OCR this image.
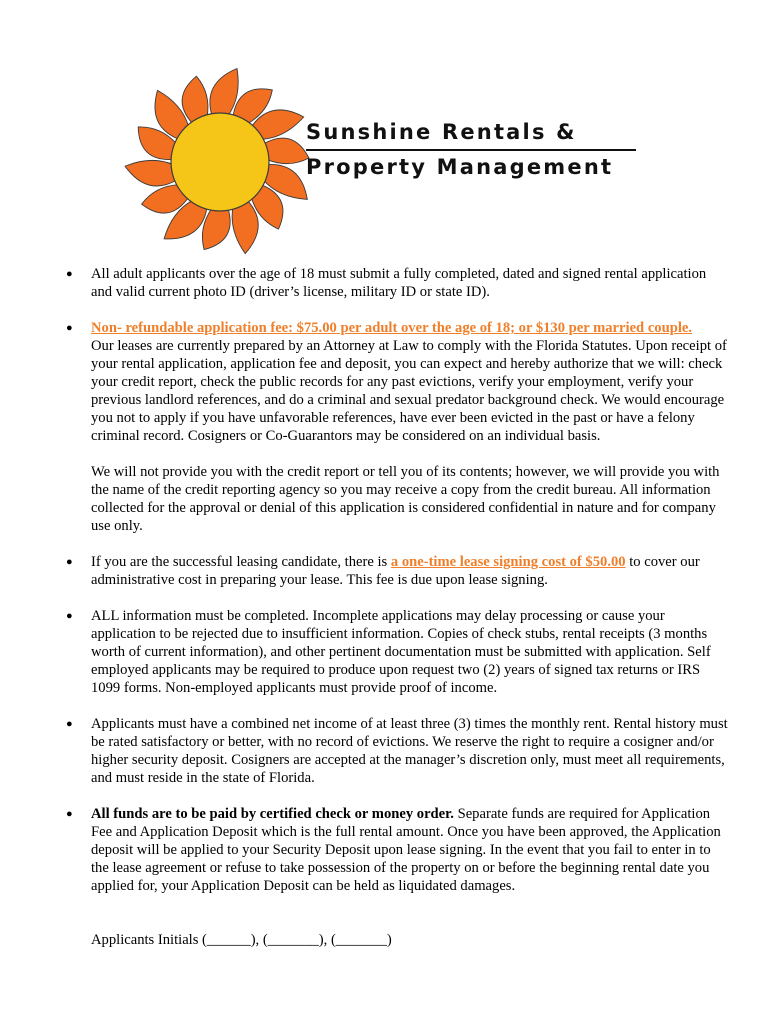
Sunshine Rentals &
Property Management
● All adult applicants over the age of 18 must submit a fully completed, dated and signed rental application and valid current photo ID (driver’s license, military ID or state ID).

● Non- refundable application fee: $75.00 per adult over the age of 18; or $130 per married couple.
Our leases are currently prepared by an Attorney at Law to comply with the Florida Statutes. Upon receipt of your rental application, application fee and deposit, you can expect and hereby authorize that we will: check your credit report, check the public records for any past evictions, verify your employment, verify your previous landlord references, and do a criminal and sexual predator background check. We would encourage you not to apply if you have unfavorable references, have ever been evicted in the past or have a felony criminal record. Cosigners or Co-Guarantors may be considered on an individual basis.

We will not provide you with the credit report or tell you of its contents; however, we will provide you with the name of the credit reporting agency so you may receive a copy from the credit bureau. All information collected for the approval or denial of this application is considered confidential in nature and for company use only.

● If you are the successful leasing candidate, there is a one-time lease signing cost of $50.00 to cover our administrative cost in preparing your lease. This fee is due upon lease signing.

● ALL information must be completed. Incomplete applications may delay processing or cause your application to be rejected due to insufficient information. Copies of check stubs, rental receipts (3 months worth of current information), and other pertinent documentation must be submitted with application. Self employed applicants may be required to produce upon request two (2) years of signed tax returns or IRS 1099 forms. Non-employed applicants must provide proof of income.

● Applicants must have a combined net income of at least three (3) times the monthly rent. Rental history must be rated satisfactory or better, with no record of evictions. We reserve the right to require a cosigner and/or higher security deposit. Cosigners are accepted at the manager’s discretion only, must meet all requirements, and must reside in the state of Florida.

● All funds are to be paid by certified check or money order. Separate funds are required for Application Fee and Application Deposit which is the full rental amount. Once you have been approved, the Application deposit will be applied to your Security Deposit upon lease signing. In the event that you fail to enter in to the lease agreement or refuse to take possession of the property on or before the beginning rental date you applied for, your Application Deposit can be held as liquidated damages.

Applicants Initials (______), (_______), (_______)
